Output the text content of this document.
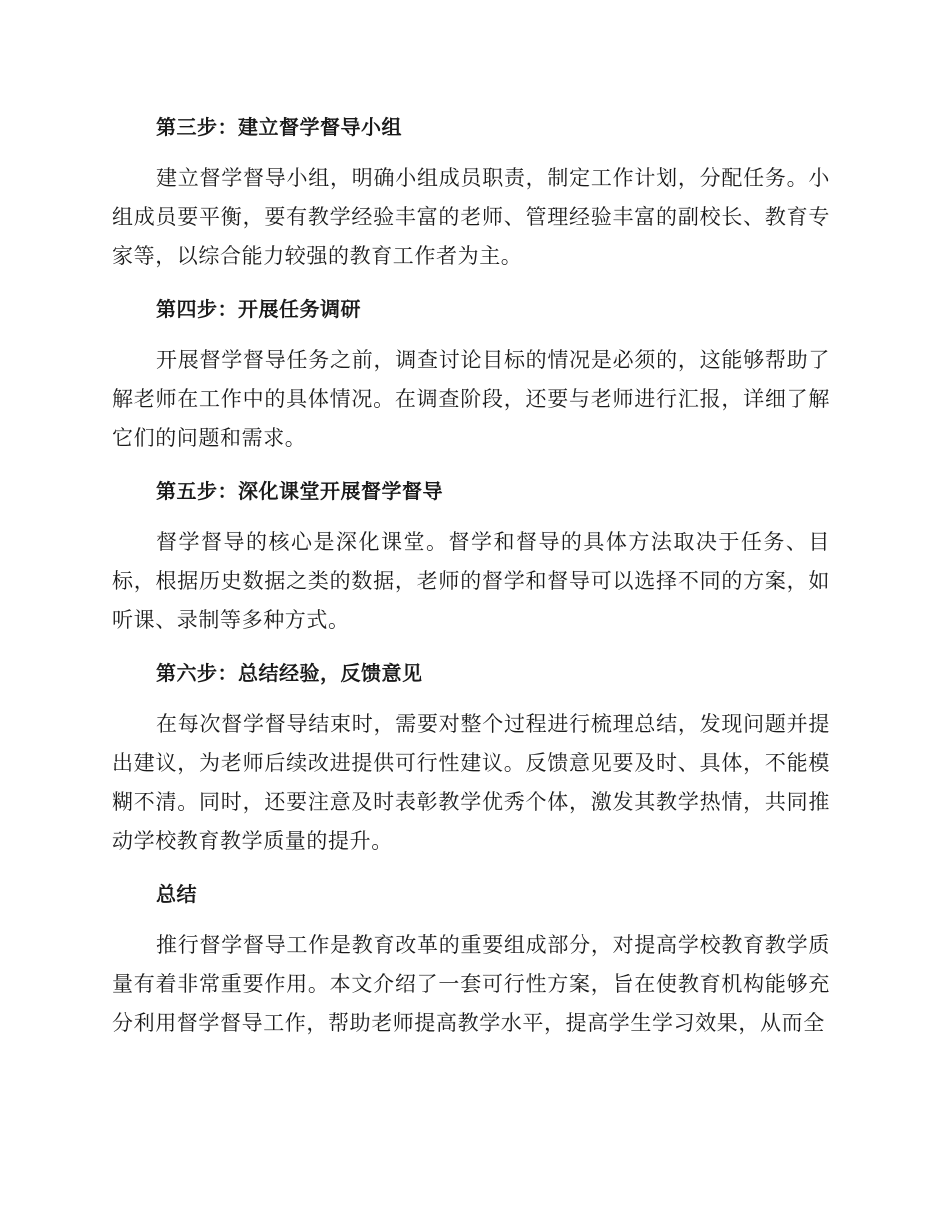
第三步：建立督学督导小组

建立督学督导小组，明确小组成员职责，制定工作计划，分配任务。小组成员要平衡，要有教学经验丰富的老师、管理经验丰富的副校长、教育专家等，以综合能力较强的教育工作者为主。

第四步：开展任务调研

开展督学督导任务之前，调查讨论目标的情况是必须的，这能够帮助了解老师在工作中的具体情况。在调查阶段，还要与老师进行汇报，详细了解它们的问题和需求。

第五步：深化课堂开展督学督导

督学督导的核心是深化课堂。督学和督导的具体方法取决于任务、目标，根据历史数据之类的数据，老师的督学和督导可以选择不同的方案，如听课、录制等多种方式。

第六步：总结经验，反馈意见

在每次督学督导结束时，需要对整个过程进行梳理总结，发现问题并提出建议，为老师后续改进提供可行性建议。反馈意见要及时、具体，不能模糊不清。同时，还要注意及时表彰教学优秀个体，激发其教学热情，共同推动学校教育教学质量的提升。

总结

推行督学督导工作是教育改革的重要组成部分，对提高学校教育教学质量有着非常重要作用。本文介绍了一套可行性方案，旨在使教育机构能够充分利用督学督导工作，帮助老师提高教学水平，提高学生学习效果，从而全
